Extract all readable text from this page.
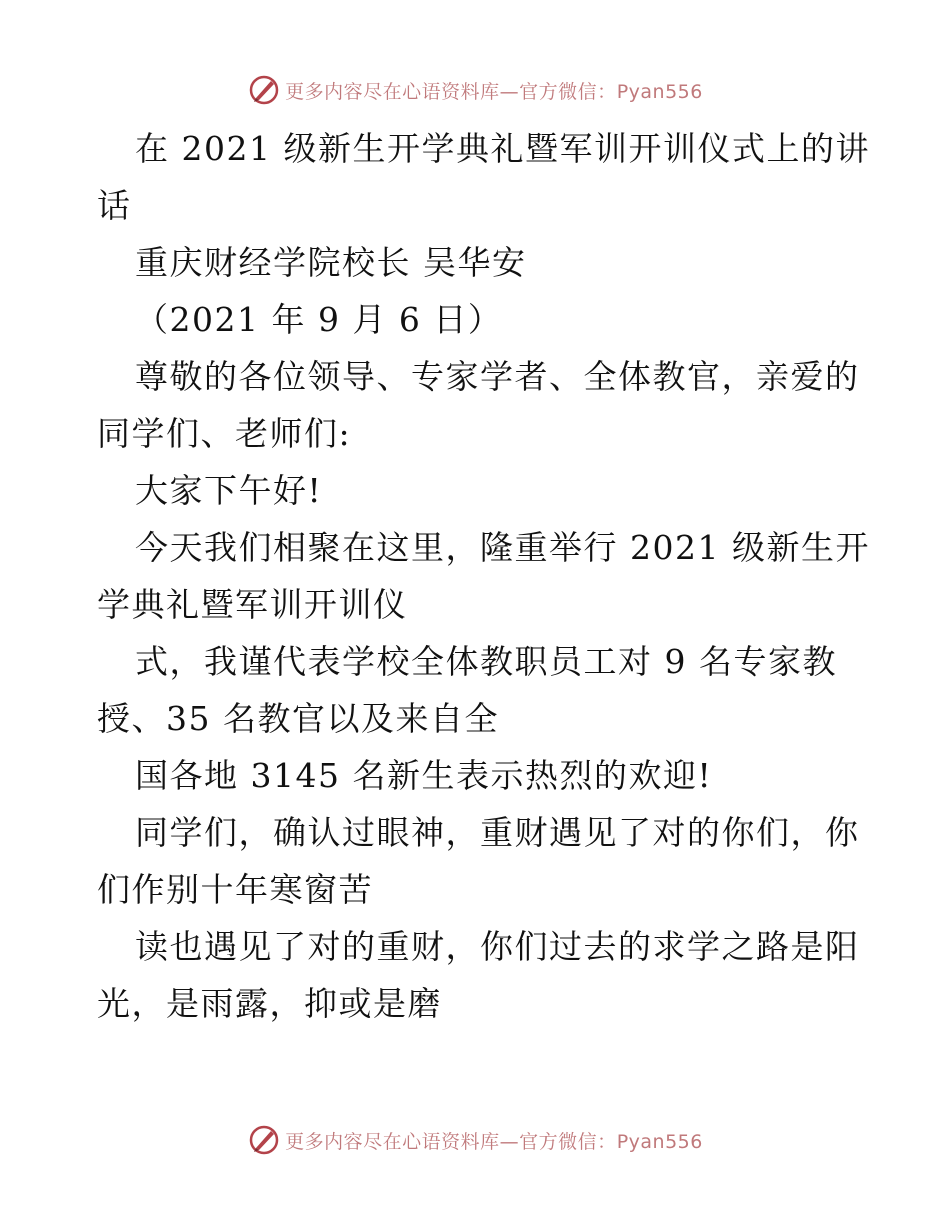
更多内容尽在心语资料库—官方微信：Pyan556
在 2021 级新生开学典礼暨军训开训仪式上的讲
话
重庆财经学院校长 吴华安
（2021 年 9 月 6 日）
尊敬的各位领导、专家学者、全体教官，亲爱的
同学们、老师们:
大家下午好!
今天我们相聚在这里，隆重举行 2021 级新生开
学典礼暨军训开训仪
式，我谨代表学校全体教职员工对 9 名专家教
授、35 名教官以及来自全
国各地 3145 名新生表示热烈的欢迎!
同学们，确认过眼神，重财遇见了对的你们，你
们作别十年寒窗苦
读也遇见了对的重财，你们过去的求学之路是阳
光，是雨露，抑或是磨
更多内容尽在心语资料库—官方微信：Pyan556
